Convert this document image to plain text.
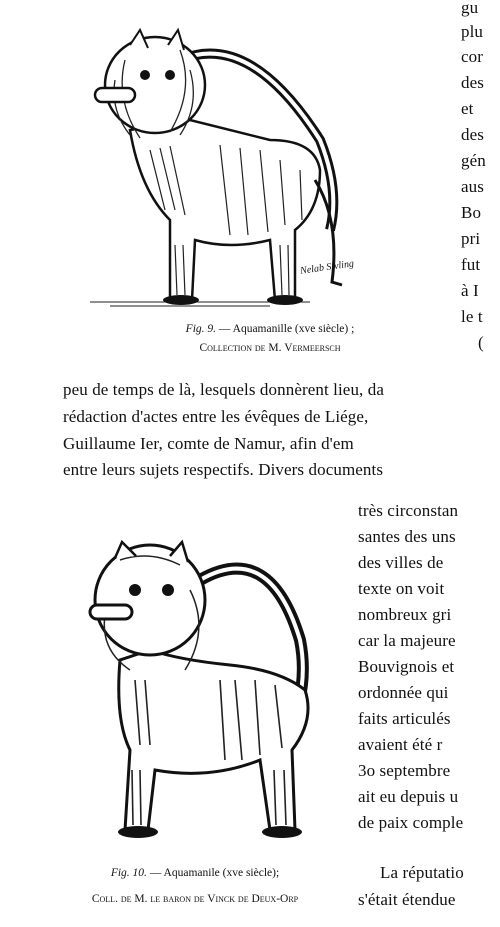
Nelab Sivling
Fig. 9. — Aquamanille (xve siècle) ;
Collection de M. Vermeersch
gu
plu
cor
des
et
des
gén
aus
Bo
pri
fut
à I
le t
(
peu de temps de là, lesquels donnèrent lieu, da
rédaction d'actes entre les évêques de Liége,
Guillaume Ier, comte de Namur, afin d'em
entre leurs sujets respectifs. Divers documents
très circonstan
santes des uns
des villes de
texte on voit
nombreux gri
car la majeure
Bouvignois et
ordonnée qui
faits articulés
avaient été r
3o septembre
ait eu depuis u
de paix comple
Fig. 10. — Aquamanile (xve siècle);
Coll. de M. le baron de Vinck de Deux-Orp
La réputatio
s'était étendue
